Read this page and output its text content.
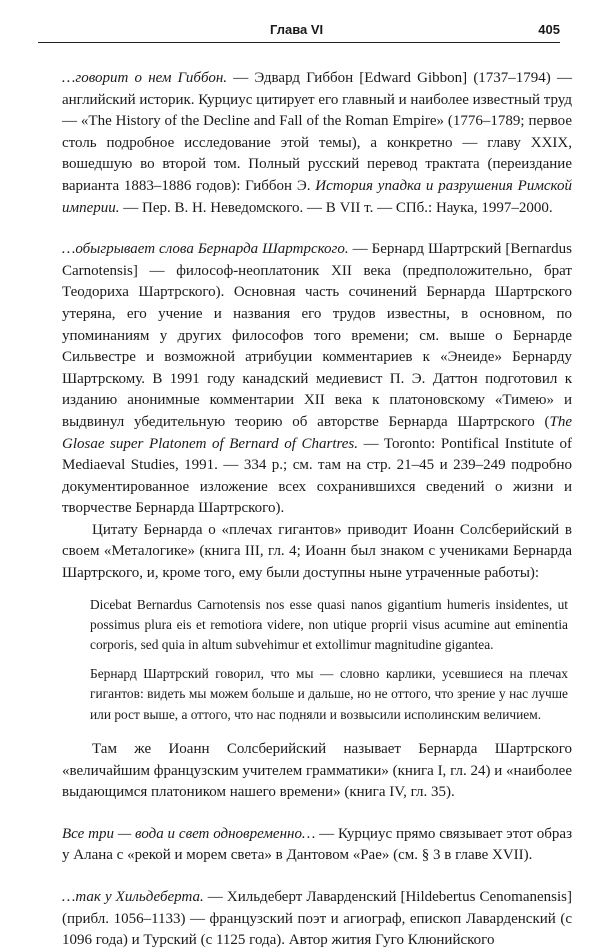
Глава VI	405

…говорит о нем Гиббон. — Эдвард Гиббон [Edward Gibbon] (1737–1794) — английский историк. Курциус цитирует его главный и наиболее известный труд — «The History of the Decline and Fall of the Roman Empire» (1776–1789; первое столь подробное исследование этой темы), а конкретно — главу XXIX, вошедшую во второй том. Полный русский перевод трактата (переиздание варианта 1883–1886 годов): Гиббон Э. История упадка и разрушения Римской империи. — Пер. В. Н. Неведомского. — В VII т. — СПб.: Наука, 1997–2000.

…обыгрывает слова Бернарда Шартрского. — Бернард Шартрский [Bernardus Carnotensis] — философ-неоплатоник XII века (предположительно, брат Теодориха Шартрского). Основная часть сочинений Бернарда Шартрского утеряна, его учение и названия его трудов известны, в основном, по упоминаниям у других философов того времени; см. выше о Бернарде Сильвестре и возможной атрибуции комментариев к «Энеиде» Бернарду Шартрскому. В 1991 году канадский медиевист П. Э. Даттон подготовил к изданию анонимные комментарии XII века к платоновскому «Тимею» и выдвинул убедительную теорию об авторстве Бернарда Шартрского (The Glosae super Platonem of Bernard of Chartres. — Toronto: Pontifical Institute of Mediaeval Studies, 1991. — 334 p.; см. там на стр. 21–45 и 239–249 подробно документированное изложение всех сохранившихся сведений о жизни и творчестве Бернарда Шартрского).

Цитату Бернарда о «плечах гигантов» приводит Иоанн Солсберийский в своем «Металогике» (книга III, гл. 4; Иоанн был знаком с учениками Бернарда Шартрского, и, кроме того, ему были доступны ныне утраченные работы):

Dicebat Bernardus Carnotensis nos esse quasi nanos gigantium humeris insidentes, ut possimus plura eis et remotiora videre, non utique proprii visus acumine aut eminentia corporis, sed quia in altum subvehimur et extollimur magnitudine gigantea.

Бернард Шартрский говорил, что мы — словно карлики, усевшиеся на плечах гигантов: видеть мы можем больше и дальше, но не оттого, что зрение у нас лучше или рост выше, а оттого, что нас подняли и возвысили исполинским величием.

Там же Иоанн Солсберийский называет Бернарда Шартрского «величайшим французским учителем грамматики» (книга I, гл. 24) и «наиболее выдающимся платоником нашего времени» (книга IV, гл. 35).

Все три — вода и свет одновременно… — Курциус прямо связывает этот образ у Алана с «рекой и морем света» в Дантовом «Рае» (см. § 3 в главе XVII).

…так у Хильдеберта. — Хильдеберт Лаварденский [Hildebertus Cenomanensis] (прибл. 1056–1133) — французский поэт и агиограф, епископ Лаварденский (с 1096 года) и Турский (с 1125 года). Автор жития Гуго Клюнийского
